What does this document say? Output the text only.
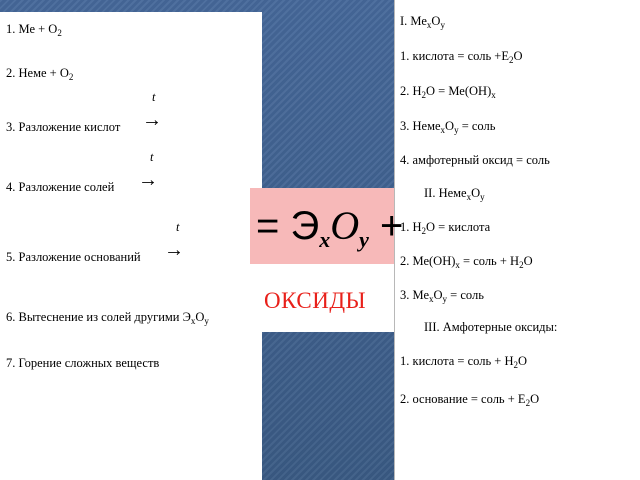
1. Ме + $О_2$
2. Неме + $О_2$
t
→
3. Разложение кислот
t
→
4. Разложение солей
t
→
5. Разложение оснований
6. Вытеснение из солей другими $Э_xО_y$
7. Горение сложных веществ
= $Э_xO_y$ +
ОКСИДЫ
I. $Ме_хО_у$
1. кислота = соль $+Е_2O$
2. $H_2O = Ме(OH)_x$
3. $Неме_xO_y$ = соль
4. амфотерный оксид = соль
II. $Неме_хО_у$
1. $H_2O$ = кислота
2. $Ме(OH)_x$ = соль + $H_2O$
3. $Ме_xО_у$ = соль
III. Амфотерные оксиды:
1. кислота = соль + $H_2O$
2. основание = соль + $Е_2O$
